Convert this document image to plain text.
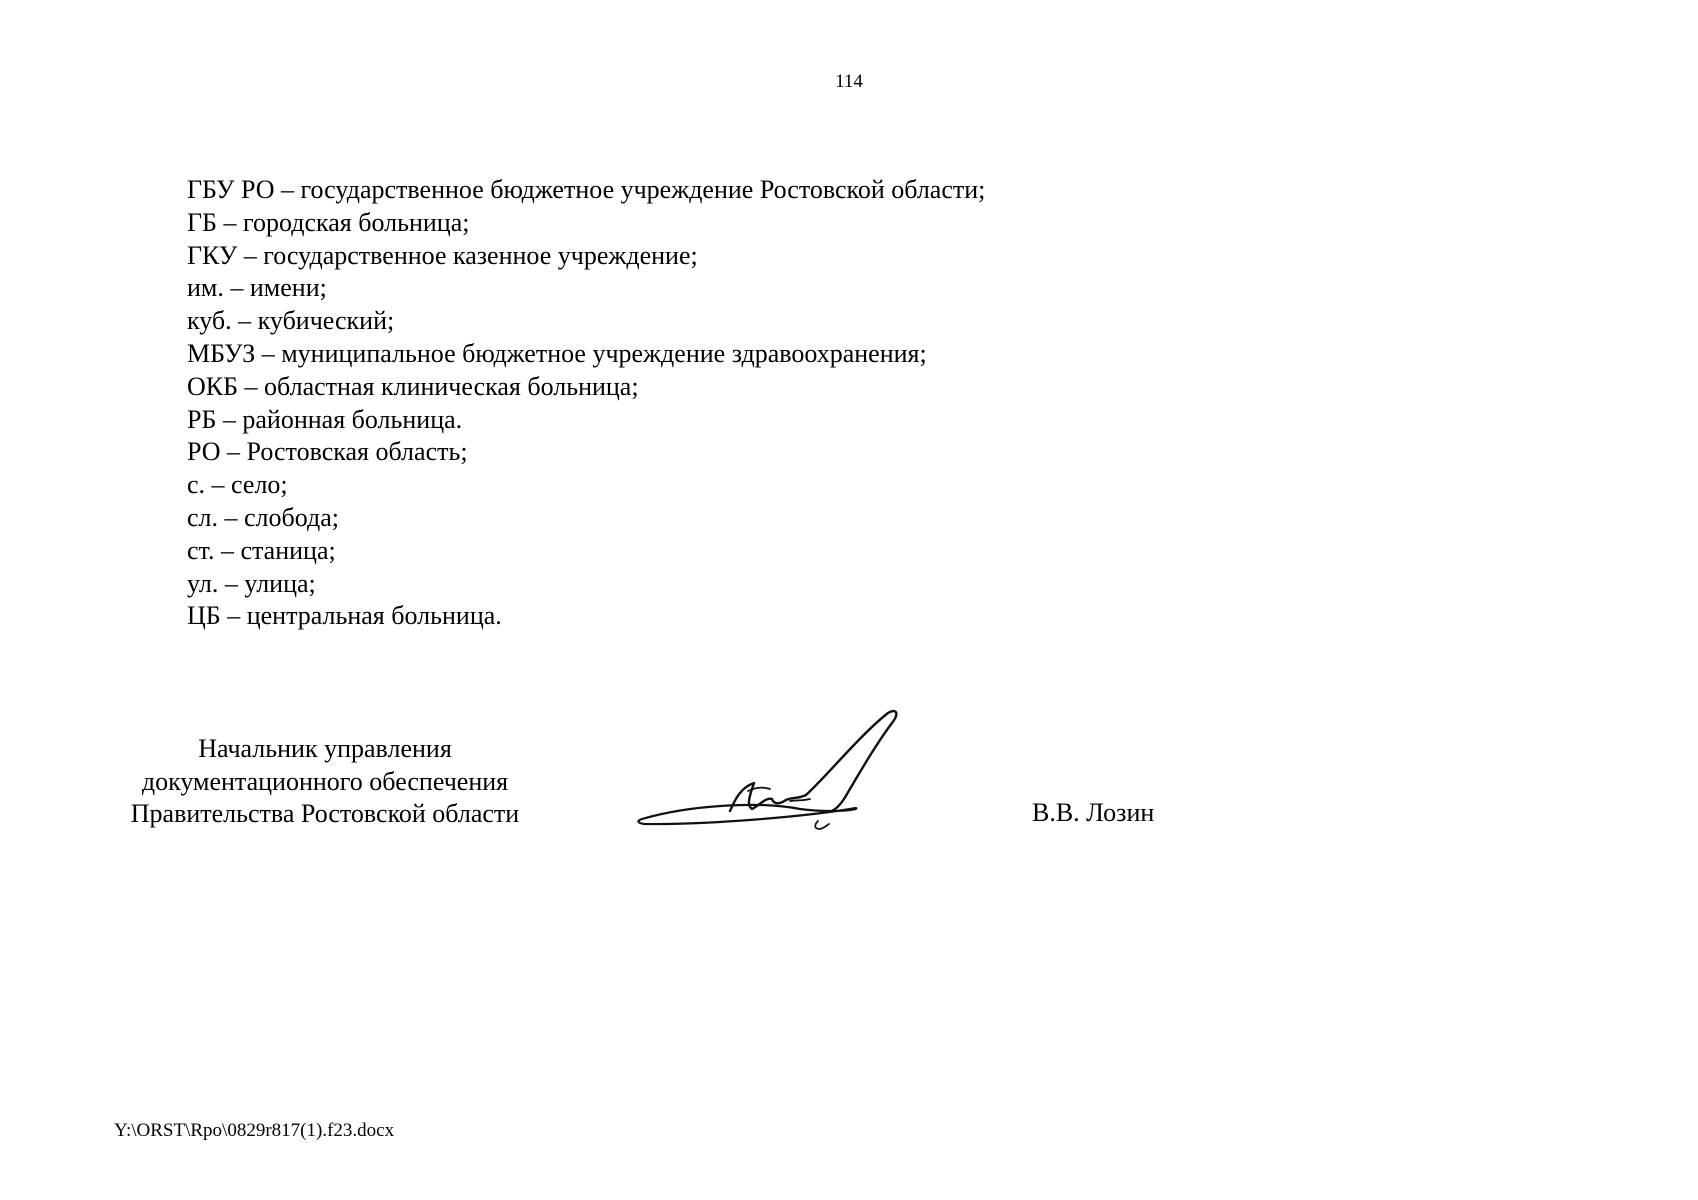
114
ГБУ РО – государственное бюджетное учреждение Ростовской области;
ГБ – городская больница;
ГКУ – государственное казенное учреждение;
им. – имени;
куб. – кубический;
МБУЗ – муниципальное бюджетное учреждение здравоохранения;
ОКБ – областная клиническая больница;
РБ – районная больница.
РО – Ростовская область;
с. – село;
сл. – слобода;
ст. – станица;
ул. – улица;
ЦБ – центральная больница.
Начальник управления
документационного обеспечения
Правительства Ростовской области	В.В. Лозин
Y:\ORST\Rpo\0829r817(1).f23.docx
